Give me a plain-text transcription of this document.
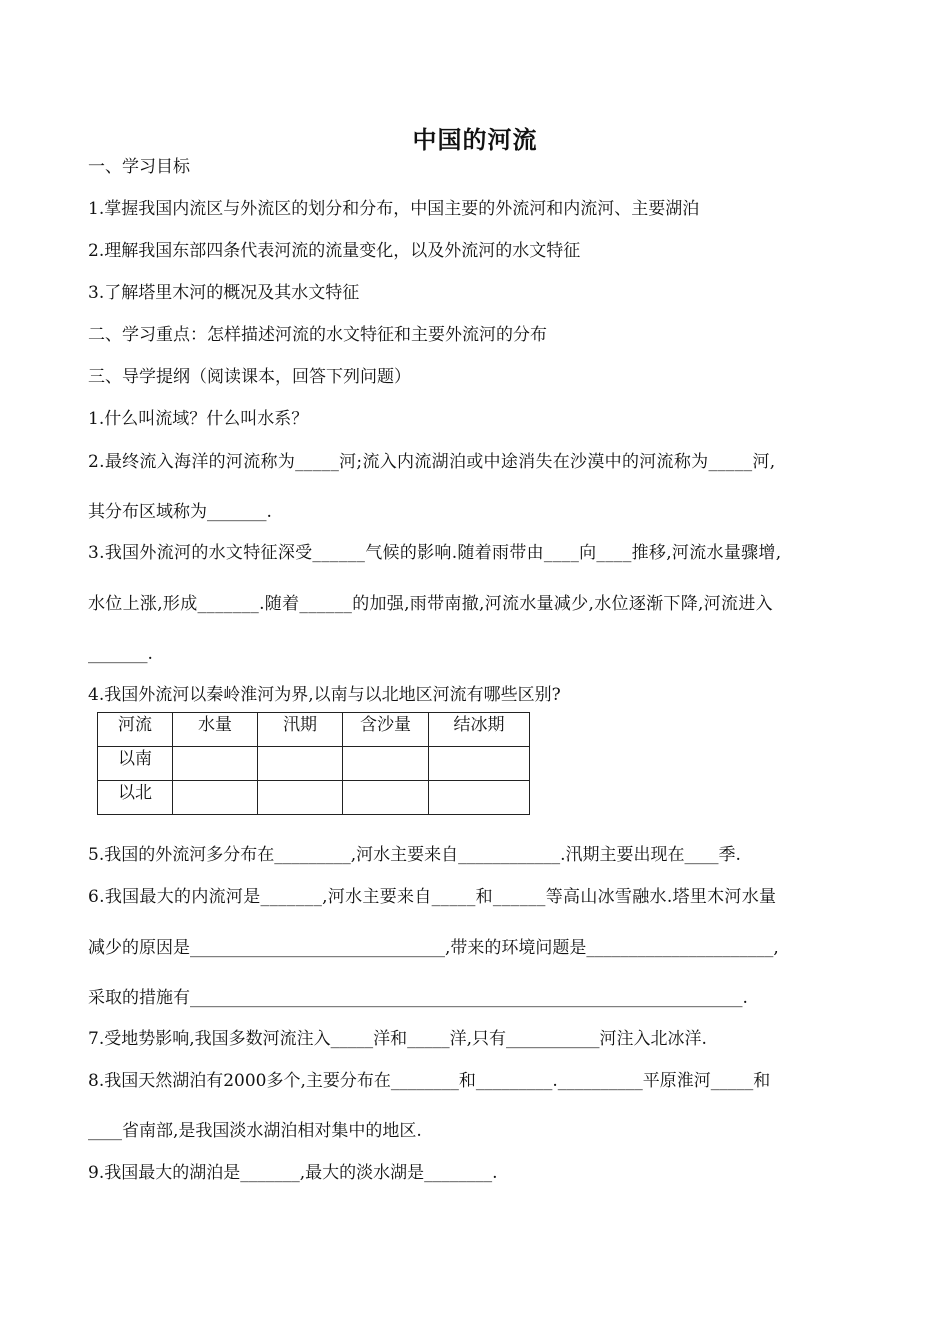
中国的河流
一、学习目标
1.掌握我国内流区与外流区的划分和分布，中国主要的外流河和内流河、主要湖泊
2.理解我国东部四条代表河流的流量变化，以及外流河的水文特征
3.了解塔里木河的概况及其水文特征
二、学习重点：怎样描述河流的水文特征和主要外流河的分布
三、导学提纲（阅读课本，回答下列问题）
1.什么叫流域？什么叫水系？
2.最终流入海洋的河流称为_____河;流入内流湖泊或中途消失在沙漠中的河流称为_____河,
其分布区域称为_______.
3.我国外流河的水文特征深受______气候的影响.随着雨带由____向____推移,河流水量骤增,
水位上涨,形成_______.随着______的加强,雨带南撤,河流水量减少,水位逐渐下降,河流进入
_______.
4.我国外流河以秦岭淮河为界,以南与以北地区河流有哪些区别?
河流	水量	汛期	含沙量	结冰期
以南				
以北				
5.我国的外流河多分布在_________,河水主要来自____________.汛期主要出现在____季.
6.我国最大的内流河是_______,河水主要来自_____和______等高山冰雪融水.塔里木河水量
减少的原因是______________________________,带来的环境问题是______________________,
采取的措施有_________________________________________________________________.
7.受地势影响,我国多数河流注入_____洋和_____洋,只有___________河注入北冰洋.
8.我国天然湖泊有2000多个,主要分布在________和_________.__________平原淮河_____和
____省南部,是我国淡水湖泊相对集中的地区.
9.我国最大的湖泊是_______,最大的淡水湖是________.
